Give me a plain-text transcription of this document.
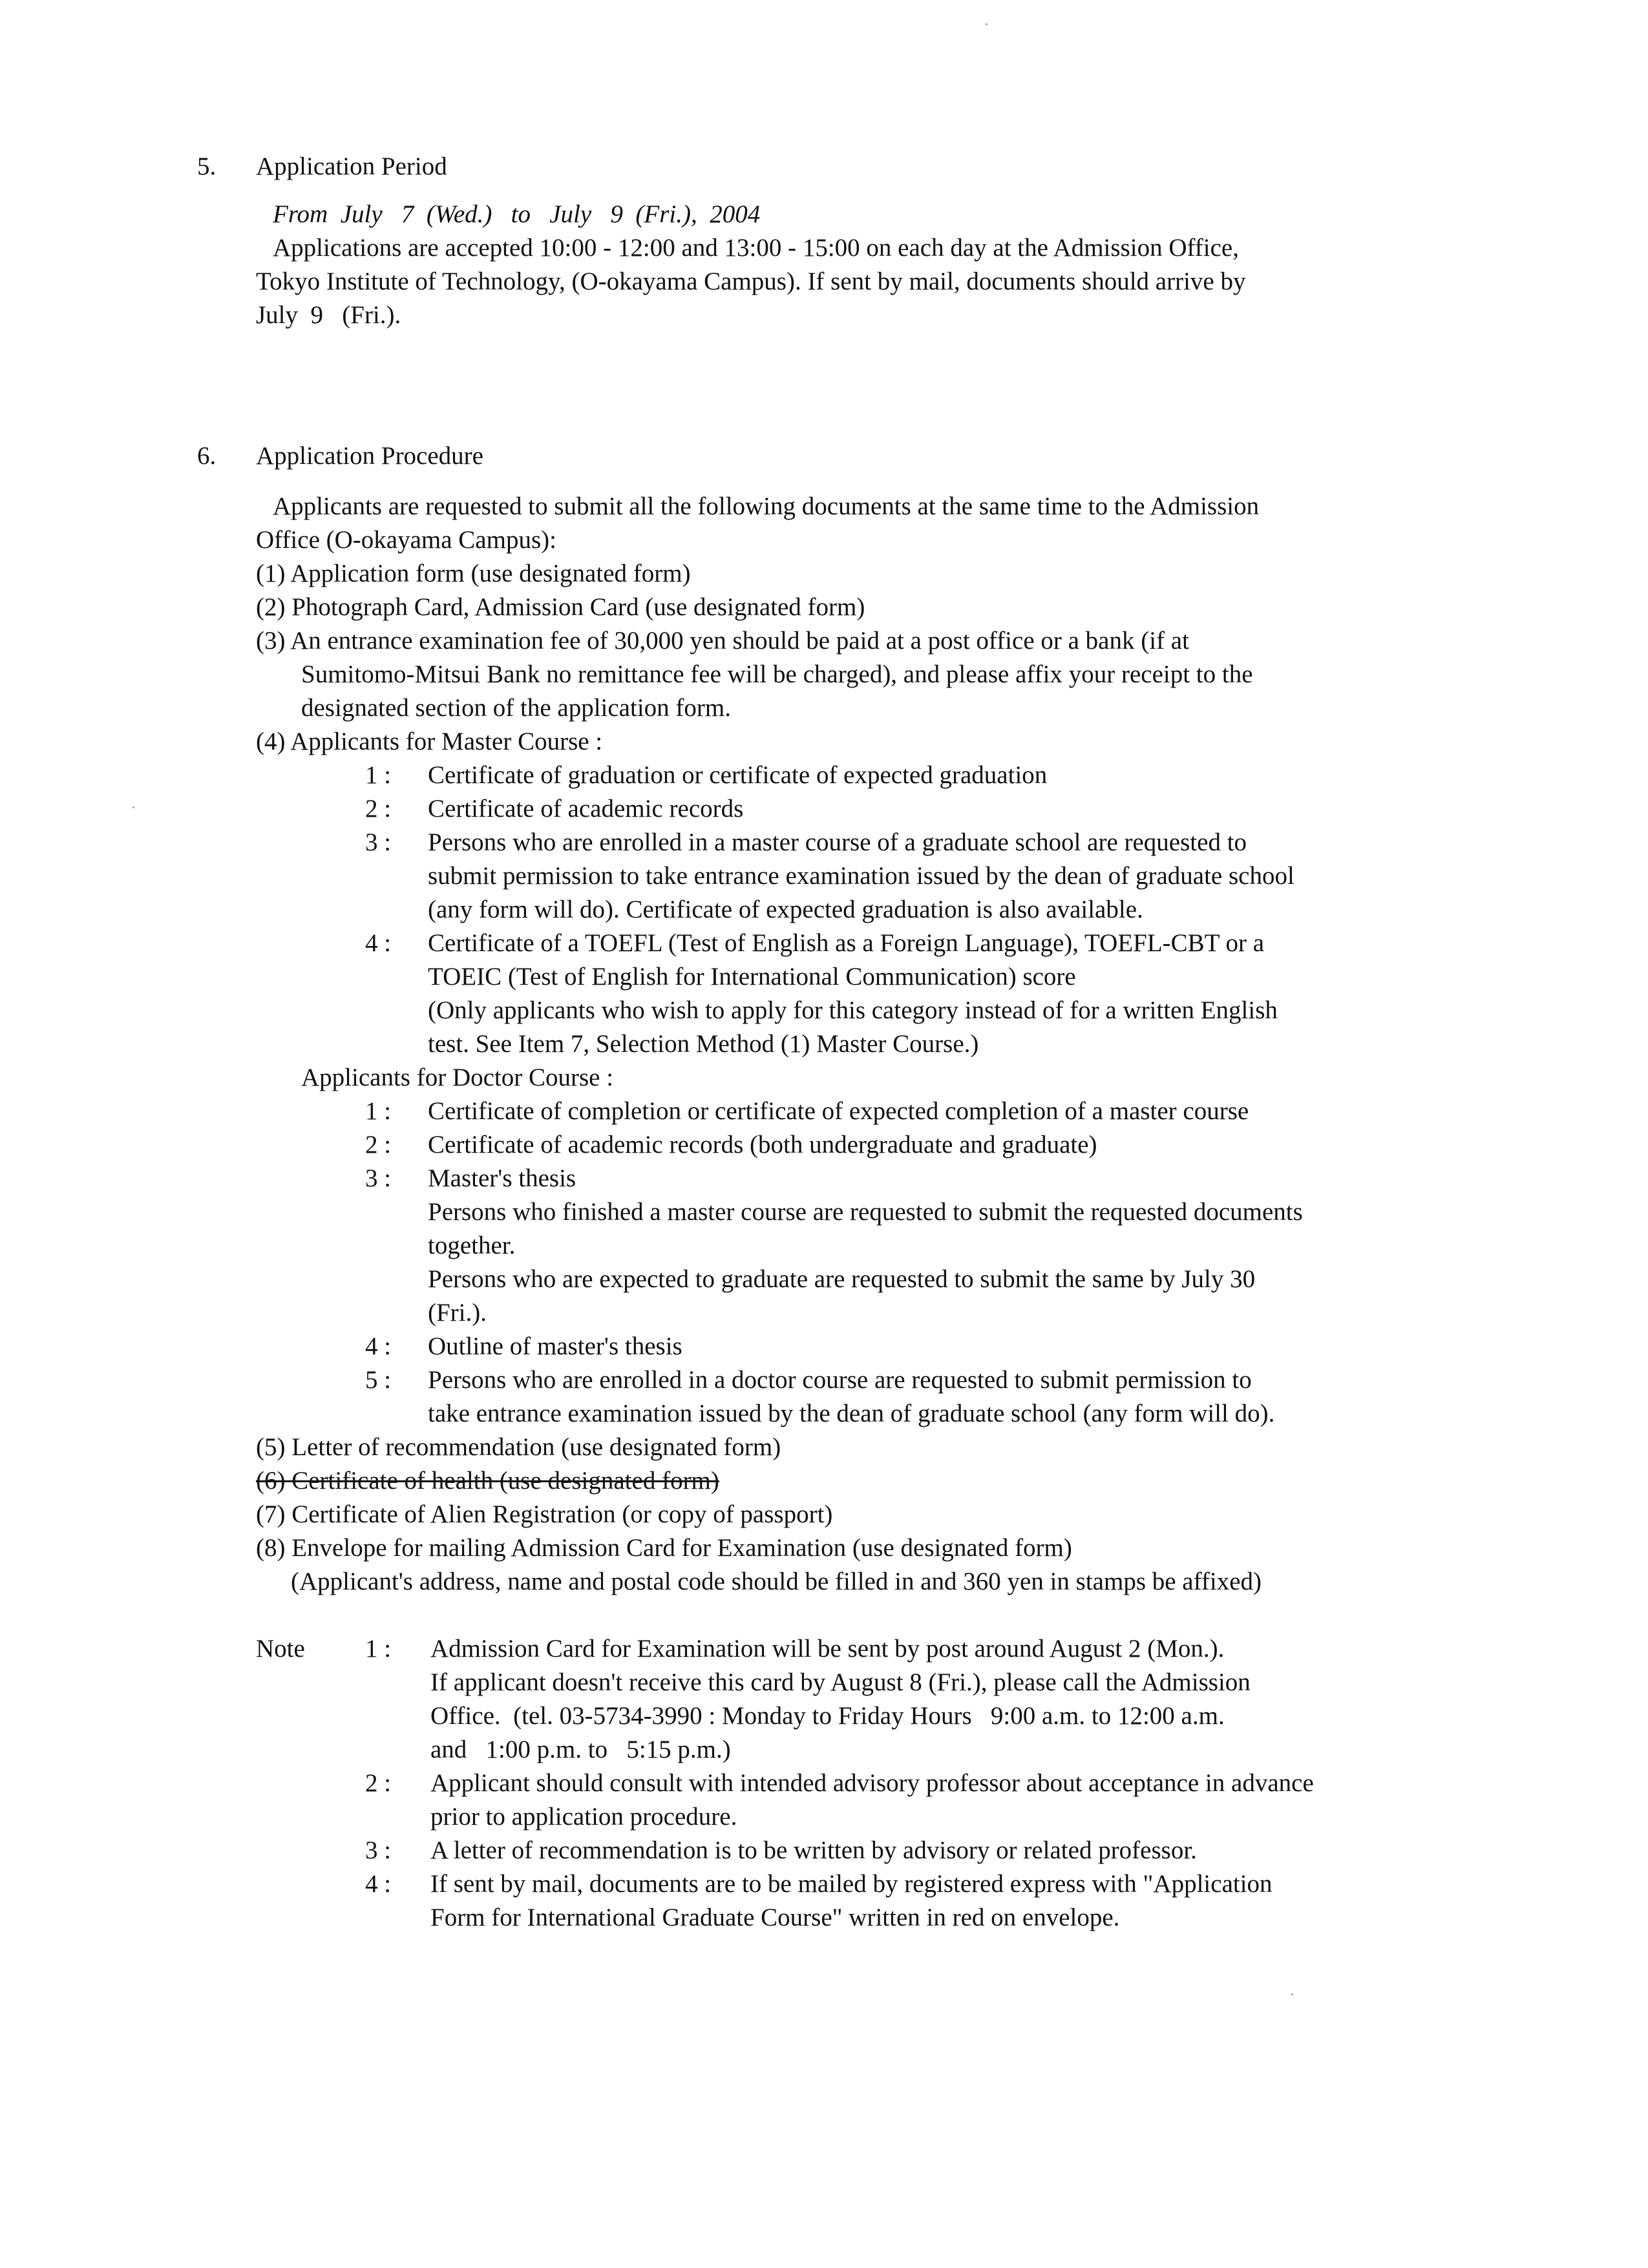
5. Application Period
From  July   7  (Wed.)   to   July   9  (Fri.),  2004
Applications are accepted 10:00 - 12:00 and 13:00 - 15:00 on each day at the Admission Office,
Tokyo Institute of Technology, (O-okayama Campus). If sent by mail, documents should arrive by
July  9   (Fri.).
6. Application Procedure
Applicants are requested to submit all the following documents at the same time to the Admission
Office (O-okayama Campus):
(1) Application form (use designated form)
(2) Photograph Card, Admission Card (use designated form)
(3) An entrance examination fee of 30,000 yen should be paid at a post office or a bank (if at
Sumitomo-Mitsui Bank no remittance fee will be charged), and please affix your receipt to the
designated section of the application form.
(4) Applicants for Master Course :
1 : Certificate of graduation or certificate of expected graduation
2 : Certificate of academic records
3 : Persons who are enrolled in a master course of a graduate school are requested to
submit permission to take entrance examination issued by the dean of graduate school
(any form will do). Certificate of expected graduation is also available.
4 : Certificate of a TOEFL (Test of English as a Foreign Language), TOEFL-CBT or a
TOEIC (Test of English for International Communication) score
(Only applicants who wish to apply for this category instead of for a written English
test. See Item 7, Selection Method (1) Master Course.)
Applicants for Doctor Course :
1 : Certificate of completion or certificate of expected completion of a master course
2 : Certificate of academic records (both undergraduate and graduate)
3 : Master's thesis
Persons who finished a master course are requested to submit the requested documents
together.
Persons who are expected to graduate are requested to submit the same by July 30
(Fri.).
4 : Outline of master's thesis
5 : Persons who are enrolled in a doctor course are requested to submit permission to
take entrance examination issued by the dean of graduate school (any form will do).
(5) Letter of recommendation (use designated form)
(6) Certificate of health (use designated form)
(7) Certificate of Alien Registration (or copy of passport)
(8) Envelope for mailing Admission Card for Examination (use designated form)
(Applicant's address, name and postal code should be filled in and 360 yen in stamps be affixed)
Note 1 : Admission Card for Examination will be sent by post around August 2 (Mon.).
If applicant doesn't receive this card by August 8 (Fri.), please call the Admission
Office.  (tel. 03-5734-3990 : Monday to Friday Hours   9:00 a.m. to 12:00 a.m.
and   1:00 p.m. to   5:15 p.m.)
2 : Applicant should consult with intended advisory professor about acceptance in advance
prior to application procedure.
3 : A letter of recommendation is to be written by advisory or related professor.
4 : If sent by mail, documents are to be mailed by registered express with "Application
Form for International Graduate Course" written in red on envelope.
